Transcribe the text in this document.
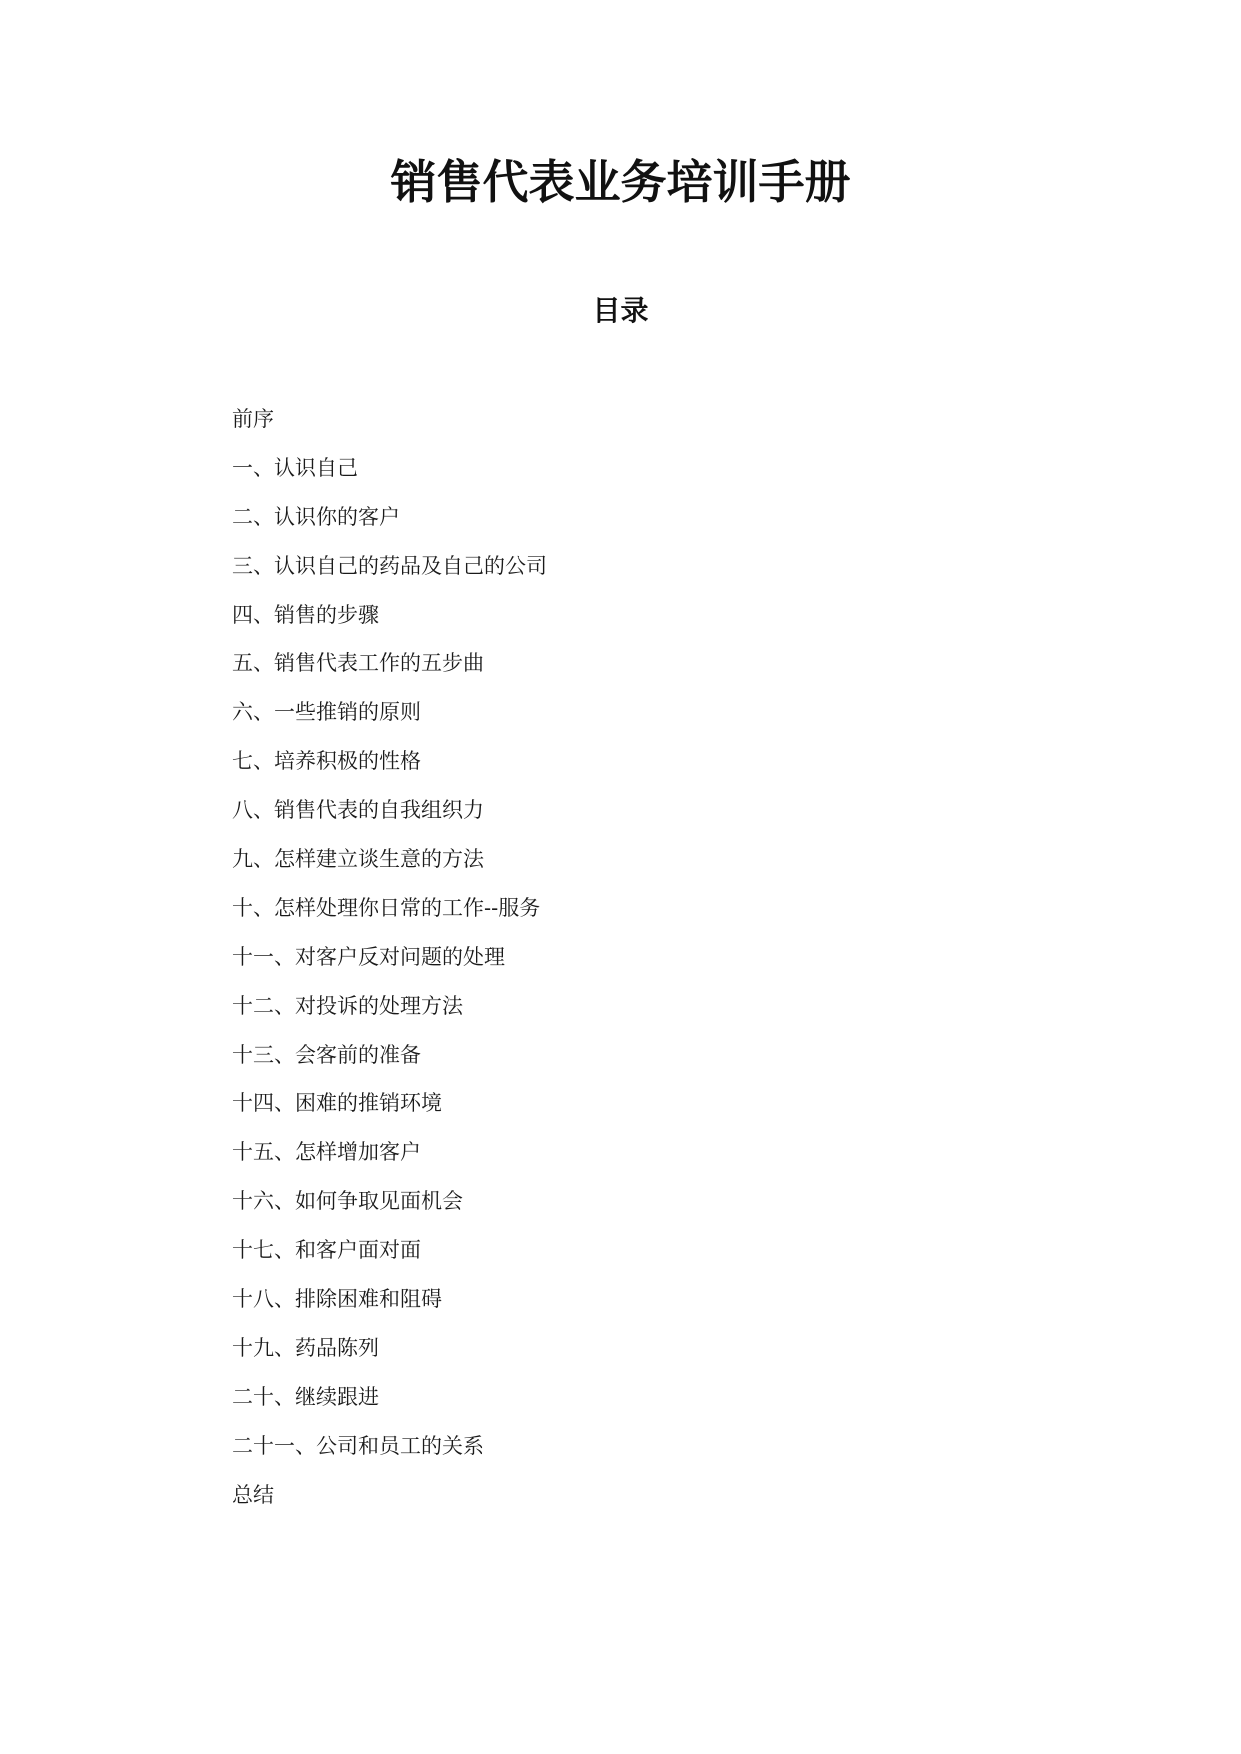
销售代表业务培训手册
目录
前序
一、认识自己
二、认识你的客户
三、认识自己的药品及自己的公司
四、销售的步骤
五、销售代表工作的五步曲
六、一些推销的原则
七、培养积极的性格
八、销售代表的自我组织力
九、怎样建立谈生意的方法
十、怎样处理你日常的工作--服务
十一、对客户反对问题的处理
十二、对投诉的处理方法
十三、会客前的准备
十四、困难的推销环境
十五、怎样增加客户
十六、如何争取见面机会
十七、和客户面对面
十八、排除困难和阻碍
十九、药品陈列
二十、继续跟进
二十一、公司和员工的关系
总结
